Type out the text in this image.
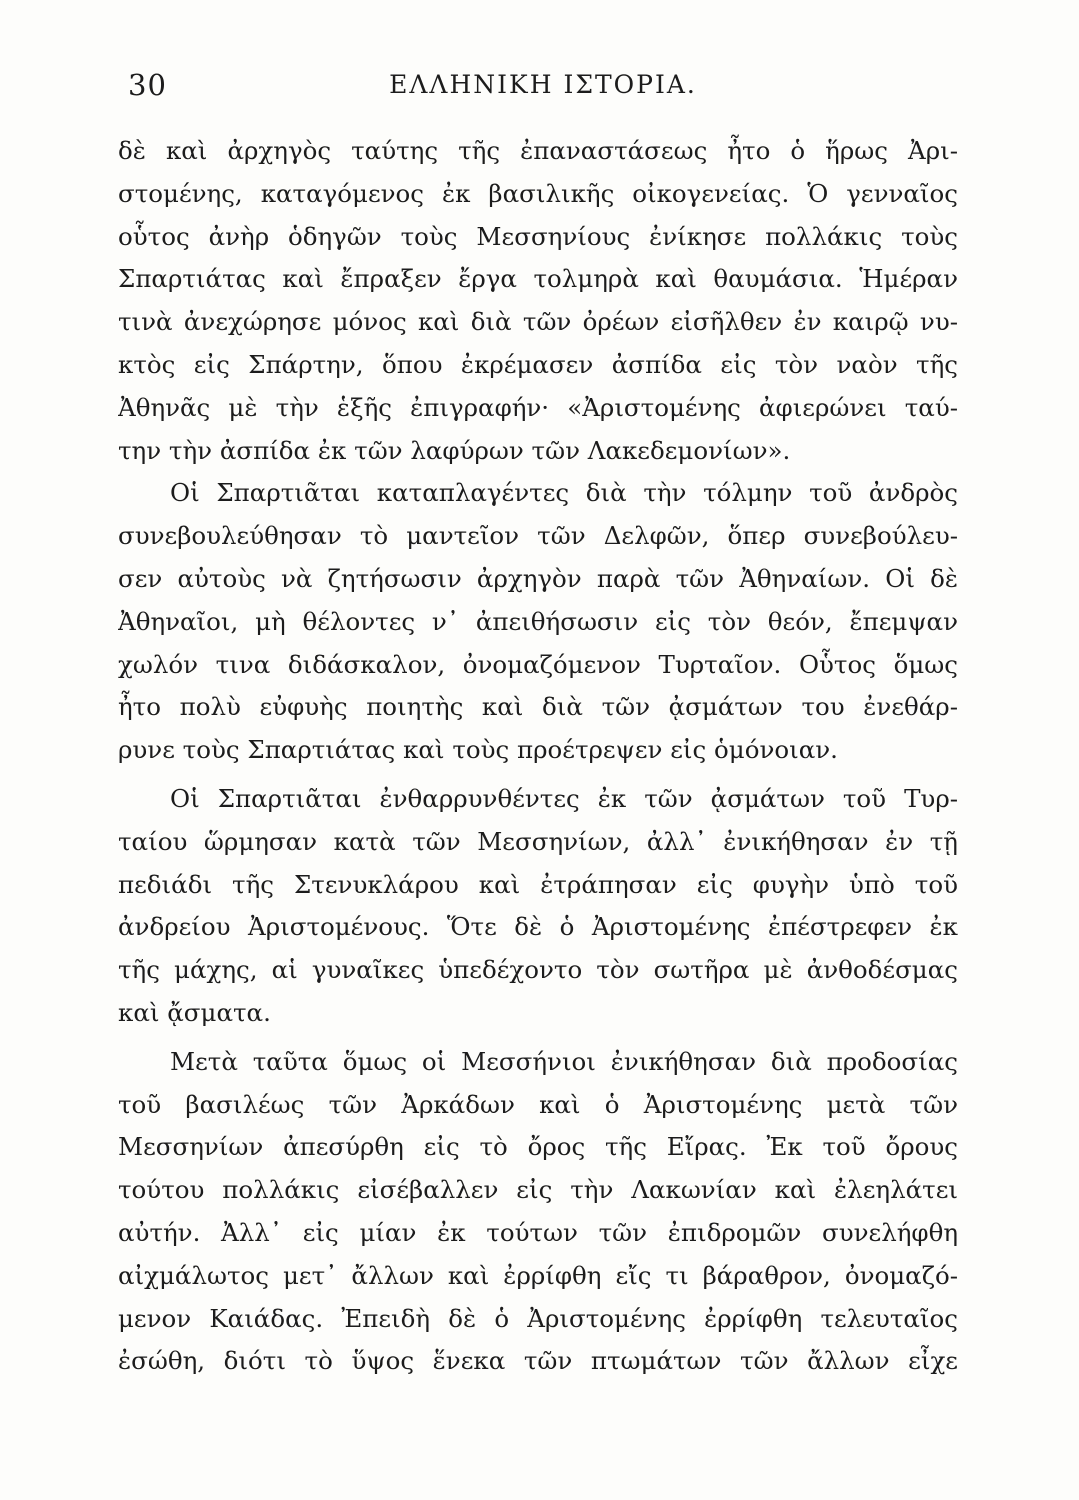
30	ΕΛΛΗΝΙΚΗ ΙΣΤΟΡΙΑ.
δὲ καὶ ἀρχηγὸς ταύτης τῆς ἐπαναστάσεως ἦτο ὁ ἥρως Ἀρι-
στομένης, καταγόμενος ἐκ βασιλικῆς οἰκογενείας. Ὁ γενναῖος
οὗτος ἀνὴρ ὁδηγῶν τοὺς Μεσσηνίους ἐνίκησε πολλάκις τοὺς
Σπαρτιάτας καὶ ἔπραξεν ἔργα τολμηρὰ καὶ θαυμάσια. Ἡμέραν
τινὰ ἀνεχώρησε μόνος καὶ διὰ τῶν ὀρέων εἰσῆλθεν ἐν καιρῷ νυ-
κτὸς εἰς Σπάρτην, ὅπου ἐκρέμασεν ἀσπίδα εἰς τὸν ναὸν τῆς
Ἀθηνᾶς μὲ τὴν ἑξῆς ἐπιγραφήν· «Ἀριστομένης ἀφιερώνει ταύ-
την τὴν ἀσπίδα ἐκ τῶν λαφύρων τῶν Λακεδεμονίων».
Οἱ Σπαρτιᾶται καταπλαγέντες διὰ τὴν τόλμην τοῦ ἀνδρὸς
συνεβουλεύθησαν τὸ μαντεῖον τῶν Δελφῶν, ὅπερ συνεβούλευ-
σεν αὐτοὺς νὰ ζητήσωσιν ἀρχηγὸν παρὰ τῶν Ἀθηναίων. Οἱ δὲ
Ἀθηναῖοι, μὴ θέλοντες ν᾽ ἀπειθήσωσιν εἰς τὸν θεόν, ἔπεμψαν
χωλόν τινα διδάσκαλον, ὀνομαζόμενον Τυρταῖον. Οὗτος ὅμως
ἦτο πολὺ εὐφυὴς ποιητὴς καὶ διὰ τῶν ᾀσμάτων του ἐνεθάρ-
ρυνε τοὺς Σπαρτιάτας καὶ τοὺς προέτρεψεν εἰς ὁμόνοιαν.
Οἱ Σπαρτιᾶται ἐνθαρρυνθέντες ἐκ τῶν ᾀσμάτων τοῦ Τυρ-
ταίου ὥρμησαν κατὰ τῶν Μεσσηνίων, ἀλλ᾽ ἐνικήθησαν ἐν τῇ
πεδιάδι τῆς Στενυκλάρου καὶ ἐτράπησαν εἰς φυγὴν ὑπὸ τοῦ
ἀνδρείου Ἀριστομένους. Ὅτε δὲ ὁ Ἀριστομένης ἐπέστρεφεν ἐκ
τῆς μάχης, αἱ γυναῖκες ὑπεδέχοντο τὸν σωτῆρα μὲ ἀνθοδέσμας
καὶ ᾄσματα.
Μετὰ ταῦτα ὅμως οἱ Μεσσήνιοι ἐνικήθησαν διὰ προδοσίας
τοῦ βασιλέως τῶν Ἀρκάδων καὶ ὁ Ἀριστομένης μετὰ τῶν
Μεσσηνίων ἀπεσύρθη εἰς τὸ ὄρος τῆς Εἴρας. Ἐκ τοῦ ὄρους
τούτου πολλάκις εἰσέβαλλεν εἰς τὴν Λακωνίαν καὶ ἐλεηλάτει
αὐτήν. Ἀλλ᾽ εἰς μίαν ἐκ τούτων τῶν ἐπιδρομῶν συνελήφθη
αἰχμάλωτος μετ᾽ ἄλλων καὶ ἐρρίφθη εἴς τι βάραθρον, ὀνομαζό-
μενον Καιάδας. Ἐπειδὴ δὲ ὁ Ἀριστομένης ἐρρίφθη τελευταῖος
ἐσώθη, διότι τὸ ὕψος ἕνεκα τῶν πτωμάτων τῶν ἄλλων εἶχε
